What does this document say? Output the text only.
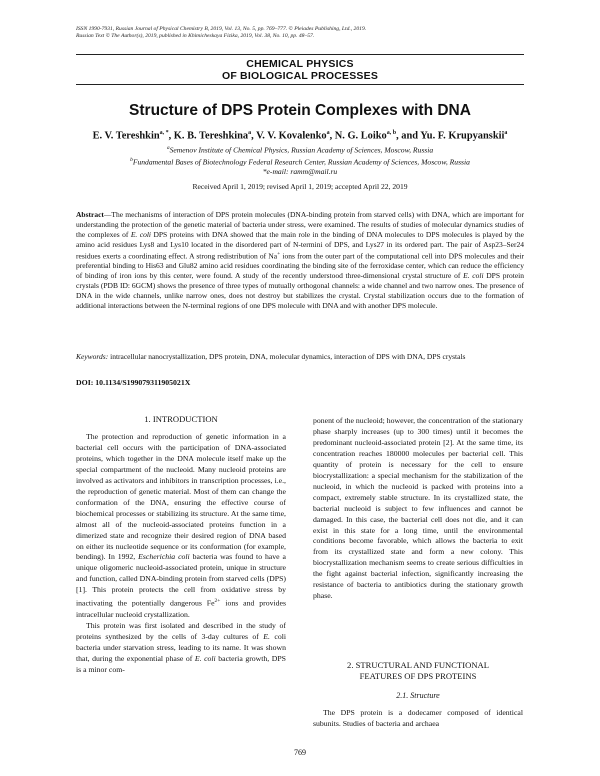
ISSN 1990-7931, Russian Journal of Physical Chemistry B, 2019, Vol. 13, No. 5, pp. 769–777. © Pleiades Publishing, Ltd., 2019.
Russian Text © The Author(s), 2019, published in Khimicheskaya Fizika, 2019, Vol. 38, No. 10, pp. 48–57.
CHEMICAL PHYSICS
OF BIOLOGICAL PROCESSES
Structure of DPS Protein Complexes with DNA
E. V. Tereshkin$^{a, *}$, K. B. Tereshkina$^a$, V. V. Kovalenko$^a$, N. G. Loiko$^{a, b}$, and Yu. F. Krupyanskii$^a$
$^a$Semenov Institute of Chemical Physics, Russian Academy of Sciences, Moscow, Russia
$^b$Fundamental Bases of Biotechnology Federal Research Center, Russian Academy of Sciences, Moscow, Russia
*e-mail: ramm@mail.ru
Received April 1, 2019; revised April 1, 2019; accepted April 22, 2019
Abstract—The mechanisms of interaction of DPS protein molecules (DNA-binding protein from starved cells) with DNA, which are important for understanding the protection of the genetic material of bacteria under stress, were examined. The results of studies of molecular dynamics studies of the complexes of E. coli DPS proteins with DNA showed that the main role in the binding of DNA molecules to DPS molecules is played by the amino acid residues Lys8 and Lys10 located in the disordered part of N-termini of DPS, and Lys27 in its ordered part. The pair of Asp23–Ser24 residues exerts a coordinating effect. A strong redistribution of Na+ ions from the outer part of the computational cell into DPS molecules and their preferential binding to His63 and Glu82 amino acid residues coordinating the binding site of the ferroxidase center, which can reduce the efficiency of binding of iron ions by this center, were found. A study of the recently understood three-dimensional crystal structure of E. coli DPS protein crystals (PDB ID: 6GCM) shows the presence of three types of mutually orthogonal channels: a wide channel and two narrow ones. The presence of DNA in the wide channels, unlike narrow ones, does not destroy but stabilizes the crystal. Crystal stabilization occurs due to the formation of additional interactions between the N-terminal regions of one DPS molecule with DNA and with another DPS molecule.
Keywords: intracellular nanocrystallization, DPS protein, DNA, molecular dynamics, interaction of DPS with DNA, DPS crystals
DOI: 10.1134/S199079311905021X
1. INTRODUCTION

The protection and reproduction of genetic information in a bacterial cell occurs with the participation of DNA-associated proteins, which together in the DNA molecule itself make up the special compartment of the nucleoid. Many nucleoid proteins are involved as activators and inhibitors in transcription processes, i.e., the reproduction of genetic material. Most of them can change the conformation of the DNA, ensuring the effective course of biochemical processes or stabilizing its structure. At the same time, almost all of the nucleoid-associated proteins function in a dimerized state and recognize their desired region of DNA based on either its nucleotide sequence or its conformation (for example, bending). In 1992, Escherichia coli bacteria was found to have a unique oligomeric nucleoid-associated protein, unique in structure and function, called DNA-binding protein from starved cells (DPS) [1]. This protein protects the cell from oxidative stress by inactivating the potentially dangerous $Fe^{2+}$ ions and provides intracellular nucleoid crystallization.

This protein was first isolated and described in the study of proteins synthesized by the cells of 3-day cultures of E. coli bacteria under starvation stress, leading to its name. It was shown that, during the exponential phase of E. coli bacteria growth, DPS is a minor com-

ponent of the nucleoid; however, the concentration of the stationary phase sharply increases (up to 300 times) until it becomes the predominant nucleoid-associated protein [2]. At the same time, its concentration reaches 180000 molecules per bacterial cell. This quantity of protein is necessary for the cell to ensure biocrystallization: a special mechanism for the stabilization of the nucleoid, in which the nucleoid is packed with proteins into a compact, extremely stable structure. In its crystallized state, the bacterial nucleoid is subject to few influences and cannot be damaged. In this case, the bacterial cell does not die, and it can exist in this state for a long time, until the environmental conditions become favorable, which allows the bacteria to exit from its crystallized state and form a new colony. This biocrystallization mechanism seems to create serious difficulties in the fight against bacterial infection, significantly increasing the resistance of bacteria to antibiotics during the stationary growth phase.

2. STRUCTURAL AND FUNCTIONAL
FEATURES OF DPS PROTEINS
2.1. Structure

The DPS protein is a dodecamer composed of identical subunits. Studies of bacteria and archaea

769
